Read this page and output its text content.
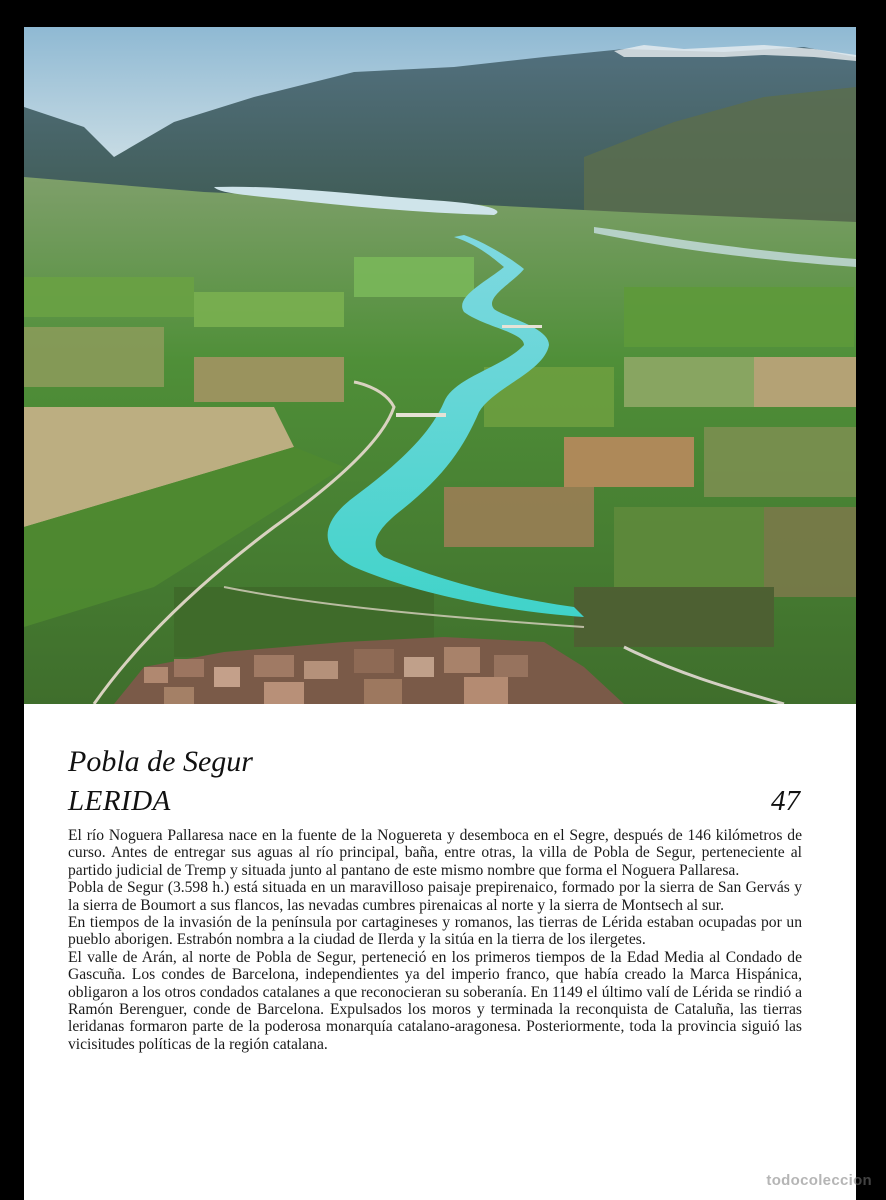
Pobla de Segur
LERIDA	47

El río Noguera Pallaresa nace en la fuente de la Noguereta y desemboca en el Segre, después de 146 kilómetros de curso. Antes de entregar sus aguas al río principal, baña, entre otras, la villa de Pobla de Segur, perteneciente al partido judicial de Tremp y situada junto al pantano de este mismo nombre que forma el Noguera Pallaresa.

Pobla de Segur (3.598 h.) está situada en un maravilloso paisaje prepirenaico, formado por la sierra de San Gervás y la sierra de Boumort a sus flancos, las nevadas cumbres pirenaicas al norte y la sierra de Montsech al sur.

En tiempos de la invasión de la península por cartagineses y romanos, las tierras de Lérida estaban ocupadas por un pueblo aborigen. Estrabón nombra a la ciudad de Ilerda y la sitúa en la tierra de los ilergetes.

El valle de Arán, al norte de Pobla de Segur, perteneció en los primeros tiempos de la Edad Media al Condado de Gascuña. Los condes de Barcelona, independientes ya del imperio franco, que había creado la Marca Hispánica, obligaron a los otros condados catalanes a que reconocieran su soberanía. En 1149 el último valí de Lérida se rindió a Ramón Berenguer, conde de Barcelona. Expulsados los moros y terminada la reconquista de Cataluña, las tierras leridanas formaron parte de la poderosa monarquía catalano-aragonesa. Posteriormente, toda la provincia siguió las vicisitudes políticas de la región catalana.

todocoleccion
